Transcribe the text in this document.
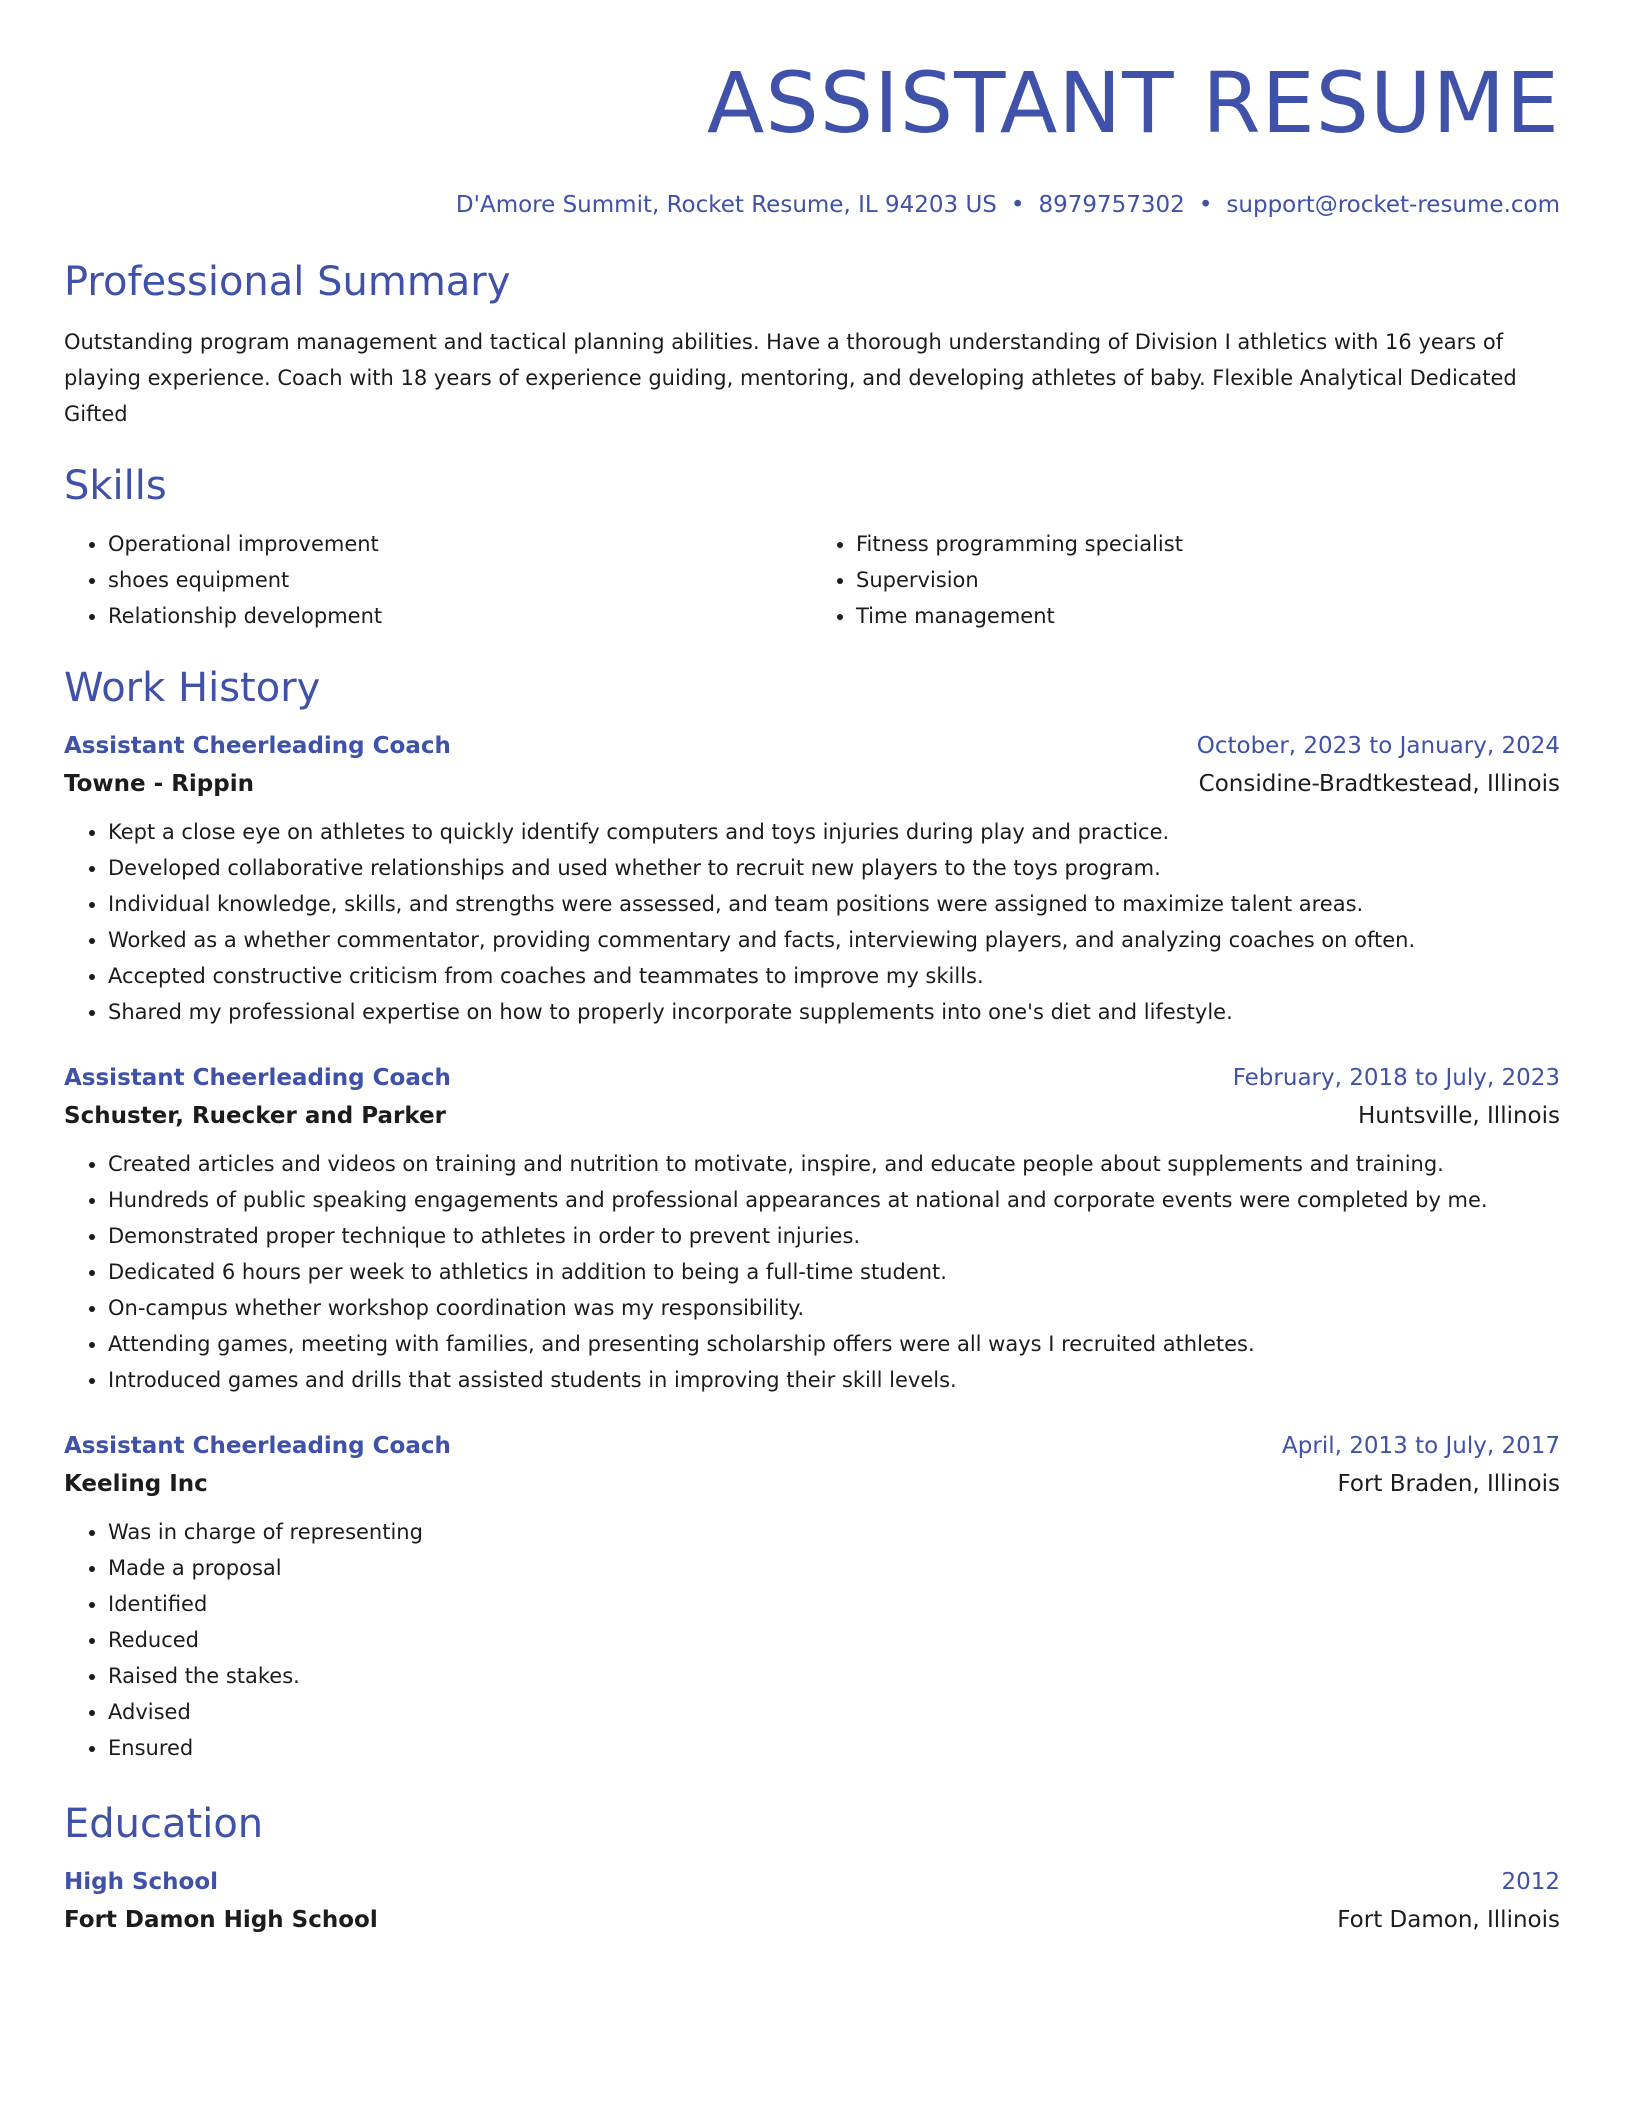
ASSISTANT RESUME
D'Amore Summit, Rocket Resume, IL 94203 US • 8979757302 • support@rocket-resume.com
Professional Summary

Outstanding program management and tactical planning abilities. Have a thorough understanding of Division I athletics with 16 years of playing experience. Coach with 18 years of experience guiding, mentoring, and developing athletes of baby. Flexible Analytical Dedicated Gifted

Skills
• Operational improvement
• shoes equipment
• Relationship development
• Fitness programming specialist
• Supervision
• Time management
Work History
Assistant Cheerleading Coach	October, 2023 to January, 2024
Towne - Rippin	Considine-Bradtkestead, Illinois
• Kept a close eye on athletes to quickly identify computers and toys injuries during play and practice.
• Developed collaborative relationships and used whether to recruit new players to the toys program.
• Individual knowledge, skills, and strengths were assessed, and team positions were assigned to maximize talent areas.
• Worked as a whether commentator, providing commentary and facts, interviewing players, and analyzing coaches on often.
• Accepted constructive criticism from coaches and teammates to improve my skills.
• Shared my professional expertise on how to properly incorporate supplements into one's diet and lifestyle.
Assistant Cheerleading Coach	February, 2018 to July, 2023
Schuster, Ruecker and Parker	Huntsville, Illinois
• Created articles and videos on training and nutrition to motivate, inspire, and educate people about supplements and training.
• Hundreds of public speaking engagements and professional appearances at national and corporate events were completed by me.
• Demonstrated proper technique to athletes in order to prevent injuries.
• Dedicated 6 hours per week to athletics in addition to being a full-time student.
• On-campus whether workshop coordination was my responsibility.
• Attending games, meeting with families, and presenting scholarship offers were all ways I recruited athletes.
• Introduced games and drills that assisted students in improving their skill levels.
Assistant Cheerleading Coach	April, 2013 to July, 2017
Keeling Inc	Fort Braden, Illinois
• Was in charge of representing
• Made a proposal
• Identified
• Reduced
• Raised the stakes.
• Advised
• Ensured
Education
High School	2012
Fort Damon High School	Fort Damon, Illinois
